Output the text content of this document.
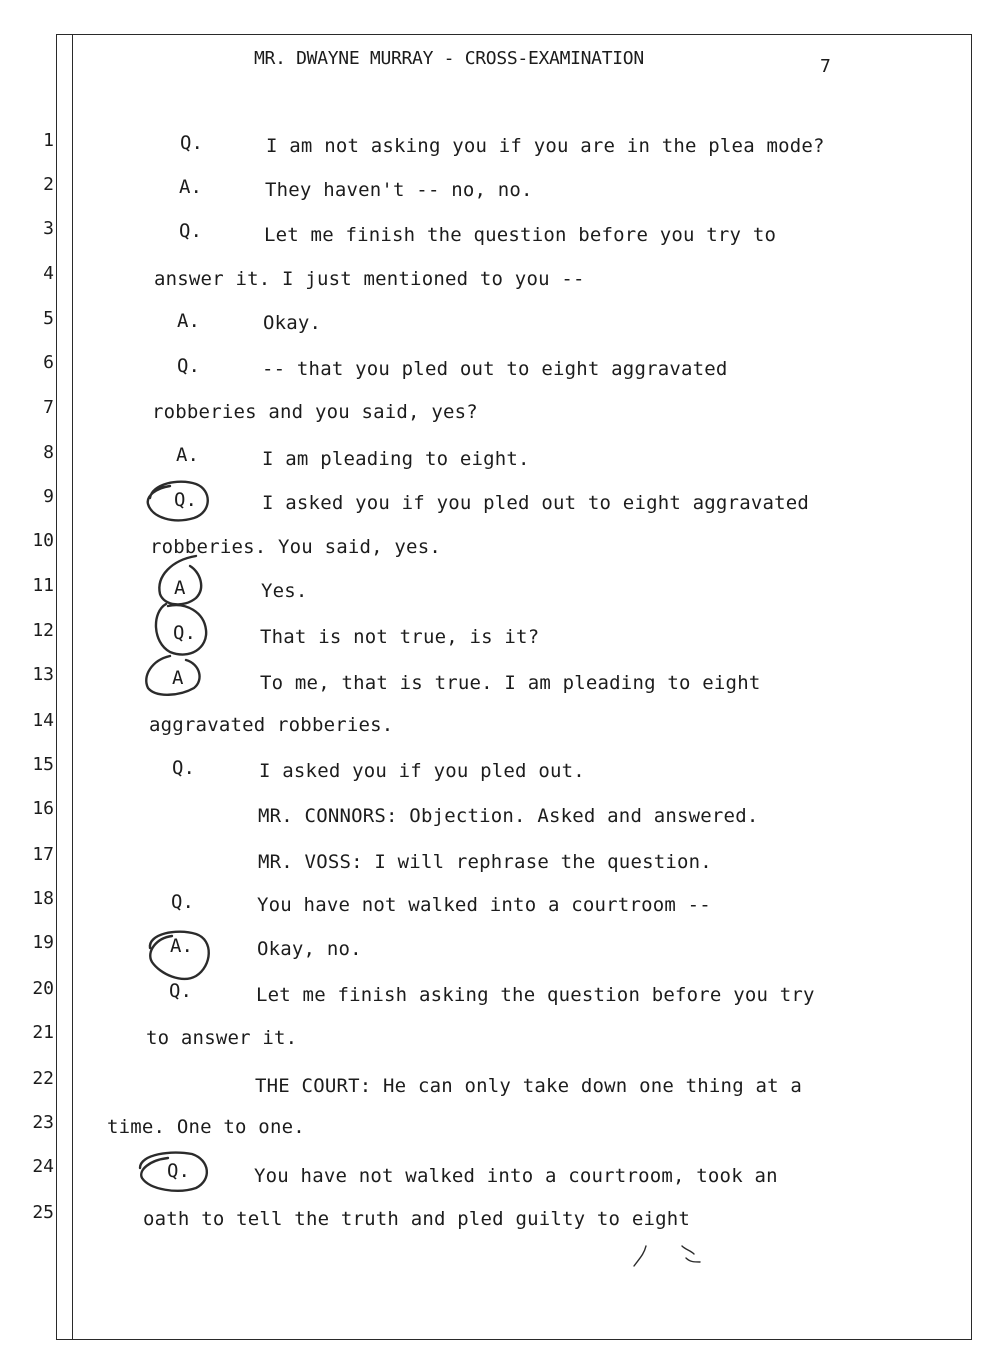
MR. DWAYNE MURRAY - CROSS-EXAMINATION	7
1
2
3
4
5
6
7
8
9
10
11
12
13
14
15
16
17
18
19
20
21
22
23
24
25
Q.
A.
Q.
A.
Q.
A.
Q.
A
Q.
A
Q.
Q.
A.
Q.
Q.
I am not asking you if you are in the plea mode?
They haven't -- no, no.
Let me finish the question before you try to
answer it. I just mentioned to you --
Okay.
-- that you pled out to eight aggravated
robberies and you said, yes?
I am pleading to eight.
I asked you if you pled out to eight aggravated
robberies. You said, yes.
Yes.
That is not true, is it?
To me, that is true. I am pleading to eight
aggravated robberies.
I asked you if you pled out.
MR. CONNORS: Objection. Asked and answered.
MR. VOSS: I will rephrase the question.
You have not walked into a courtroom --
Okay, no.
Let me finish asking the question before you try
to answer it.
THE COURT: He can only take down one thing at a
time. One to one.
You have not walked into a courtroom, took an
oath to tell the truth and pled guilty to eight
